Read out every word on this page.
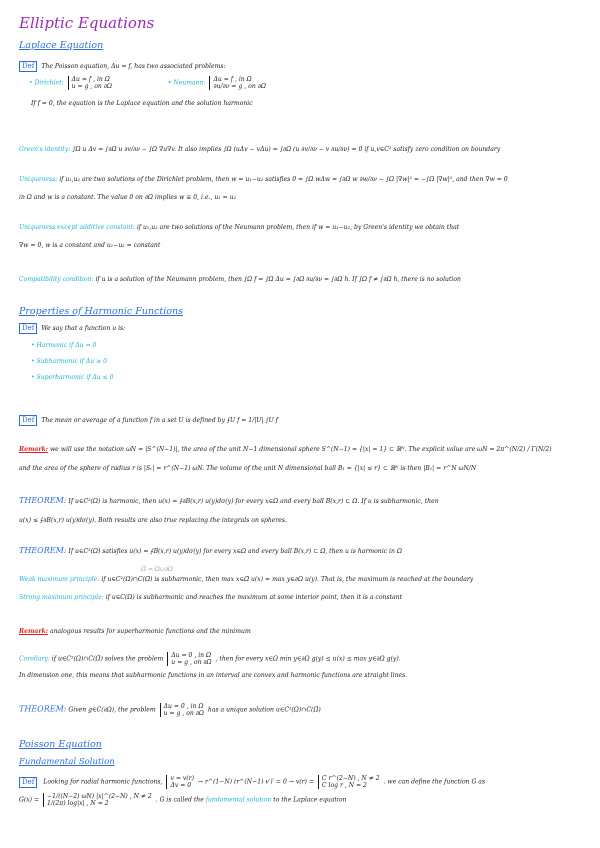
Elliptic Equations
Laplace Equation
Def The Poisson equation, Δu = f, has two associated problems:
• Dirichlet: Δu = f , in Ω
u = g , on ∂Ω	• Neumann: Δu = f , in Ω
∂u/∂ν = g , on ∂Ω
If f = 0, the equation is the Laplace equation and the solution harmonic
Green's identity: ∫Ω u Δv = ∫∂Ω u ∂v/∂ν − ∫Ω ∇u∇v. It also implies ∫Ω (uΔv − vΔu) = ∫∂Ω (u ∂v/∂ν − v ∂u/∂ν) = 0 if u,v∈C² satisfy zero condition on boundary
Uniqueness: if u₁,u₂ are two solutions of the Dirichlet problem, then w = u₁−u₂ satisfies 0 = ∫Ω wΔw = ∫∂Ω w ∂w/∂ν − ∫Ω |∇w|² = −∫Ω |∇w|², and then ∇w = 0
in Ω and w is a constant. The value 0 on ∂Ω implies w ≡ 0, i.e., u₁ = u₂
Uniqueness except additive constant: if u₁,u₂ are two solutions of the Neumann problem, then if w = u₁−u₂, by Green's identity we obtain that
∇w = 0, w is a constant and u₁−u₂ = constant
Compatibility condition: if u is a solution of the Neumann problem, then ∫Ω f = ∫Ω Δu = ∫∂Ω ∂u/∂ν = ∫∂Ω h. If ∫Ω f ≠ ∫∂Ω h, there is no solution
Properties of Harmonic Functions
Def We say that a function u is:
• Harmonic if Δu = 0
• Subharmonic if Δu ≥ 0
• Superharmonic if Δu ≤ 0
Def The mean or average of a function f in a set U is defined by ⨍U f = 1/|U| ∫U f
Remark: we will use the notation ωN = |S^(N−1)|, the area of the unit N−1 dimensional sphere S^(N−1) = {|x| = 1} ⊂ ℝᴺ. The explicit value are ωN = 2π^(N/2) / Γ(N/2)
and the area of the sphere of radius r is |Sᵣ| = r^(N−1) ωN. The volume of the unit N dimensional ball B₁ = {|x| ≤ r} ⊂ ℝᴺ is then |B₁| = r^N ωN/N
THEOREM: If u∈C²(Ω) is harmonic, then u(x) = ⨍∂B(x,r) u(y)dσ(y) for every x∈Ω and every ball B(x,r) ⊂ Ω. If u is subharmonic, then
u(x) ≤ ⨍∂B(x,r) u(y)dσ(y). Both results are also true replacing the integrals on spheres.
THEOREM: If u∈C²(Ω) satisfies u(x) = ⨍B(x,r) u(y)dσ(y) for every x∈Ω and every ball B(x,r) ⊂ Ω, then u is harmonic in Ω
Ω̄ = Ω∪∂Ω
Weak maximum principle: if u∈C²(Ω)∩C(Ω̄) is subharmonic, then max x∈Ω̄ u(x) = max y∈∂Ω u(y). That is, the maximum is reached at the boundary
Strong maximum principle: if u∈C(Ω) is subharmonic and reaches the maximum at some interior point, then it is a constant
Remark: analogous results for superharmonic functions and the minimum
Corollary: if u∈C²(Ω)∩C(Ω̄) solves the problem Δu = 0 , in Ω
u = g , on ∂Ω , then for every x∈Ω min y∈∂Ω g(y) ≤ u(x) ≤ max y∈∂Ω g(y).
In dimension one, this means that subharmonic functions in an interval are convex and harmonic functions are straight lines.
THEOREM: Given g∈C(∂Ω), the problem Δu = 0 , in Ω
u = g , on ∂Ω has a unique solution u∈C²(Ω)∩C(Ω̄)
Poisson Equation
Fundamental Solution
Def Looking for radial harmonic functions, v = v(r)
Δv = 0 → r^(1−N) (r^(N−1) v′)′ = 0 → v(r) = C r^(2−N) , N ≠ 2
C log r , N = 2	. we can define the function G as
G(x) = −1/((N−2) ωN) |x|^(2−N) , N ≠ 2
1/(2π) log|x| , N = 2	. G is called the fundamental solution to the Laplace equation
